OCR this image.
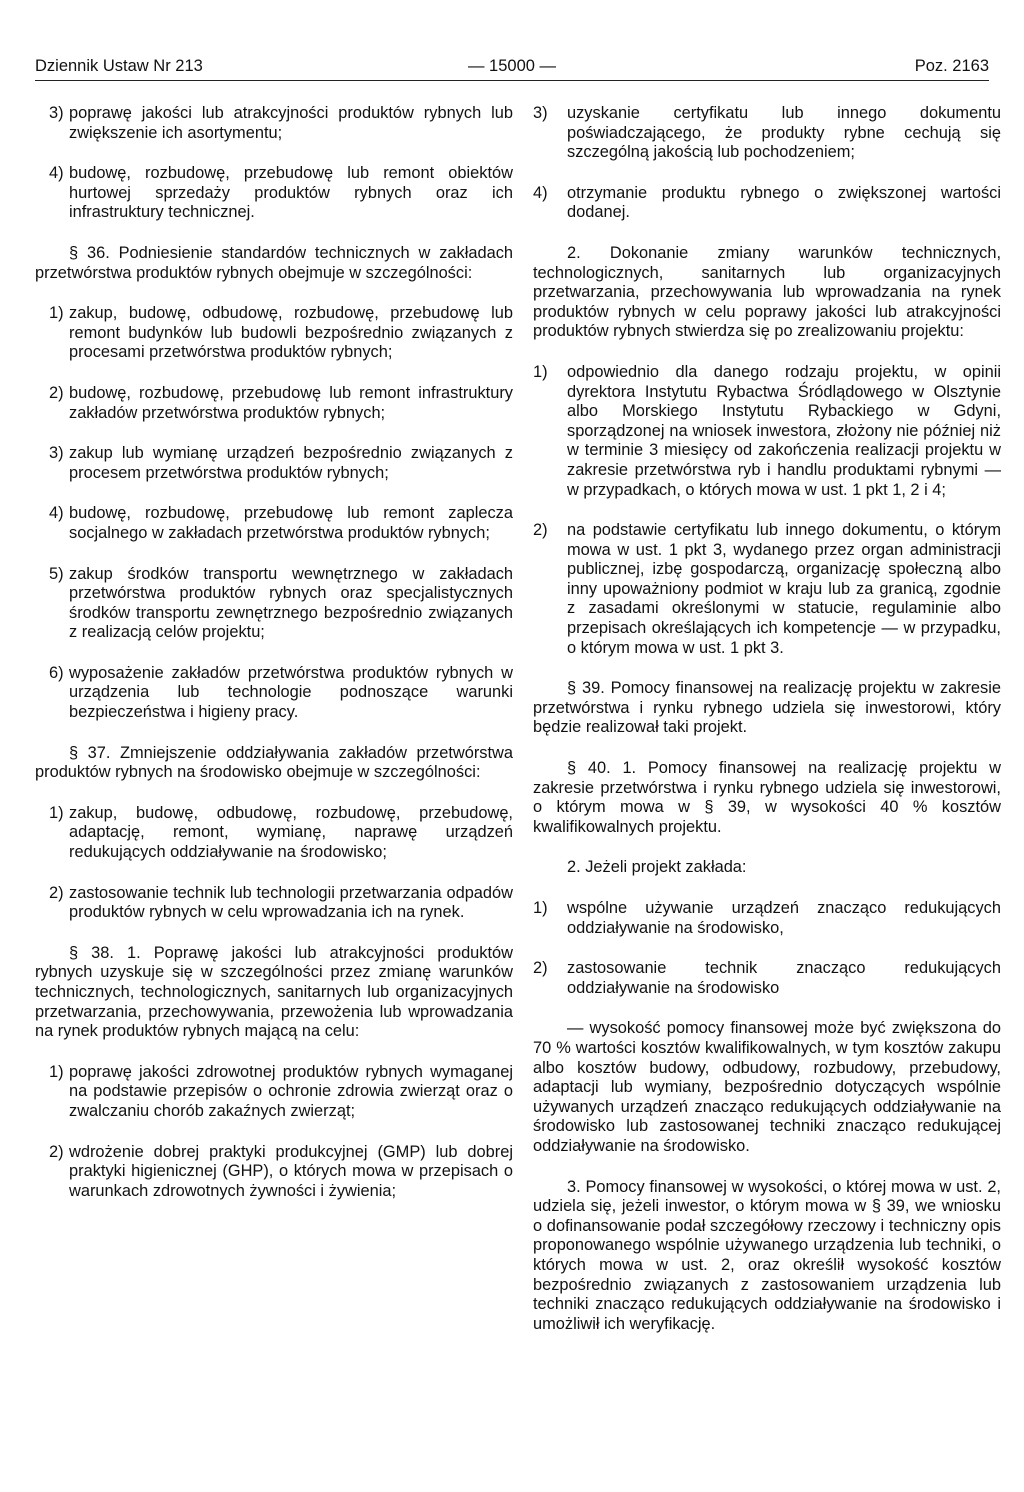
Dziennik Ustaw Nr 213	— 15000 —	Poz. 2163
3) poprawę jakości lub atrakcyjności produktów rybnych lub zwiększenie ich asortymentu;
4) budowę, rozbudowę, przebudowę lub remont obiektów hurtowej sprzedaży produktów rybnych oraz ich infrastruktury technicznej.

§ 36. Podniesienie standardów technicznych w zakładach przetwórstwa produktów rybnych obejmuje w szczególności:

1) zakup, budowę, odbudowę, rozbudowę, przebudowę lub remont budynków lub budowli bezpośrednio związanych z procesami przetwórstwa produktów rybnych;
2) budowę, rozbudowę, przebudowę lub remont infrastruktury zakładów przetwórstwa produktów rybnych;
3) zakup lub wymianę urządzeń bezpośrednio związanych z procesem przetwórstwa produktów rybnych;
4) budowę, rozbudowę, przebudowę lub remont zaplecza socjalnego w zakładach przetwórstwa produktów rybnych;
5) zakup środków transportu wewnętrznego w zakładach przetwórstwa produktów rybnych oraz specjalistycznych środków transportu zewnętrznego bezpośrednio związanych z realizacją celów projektu;
6) wyposażenie zakładów przetwórstwa produktów rybnych w urządzenia lub technologie podnoszące warunki bezpieczeństwa i higieny pracy.

§ 37. Zmniejszenie oddziaływania zakładów przetwórstwa produktów rybnych na środowisko obejmuje w szczególności:

1) zakup, budowę, odbudowę, rozbudowę, przebudowę, adaptację, remont, wymianę, naprawę urządzeń redukujących oddziaływanie na środowisko;
2) zastosowanie technik lub technologii przetwarzania odpadów produktów rybnych w celu wprowadzania ich na rynek.

§ 38. 1. Poprawę jakości lub atrakcyjności produktów rybnych uzyskuje się w szczególności przez zmianę warunków technicznych, technologicznych, sanitarnych lub organizacyjnych przetwarzania, przechowywania, przewożenia lub wprowadzania na rynek produktów rybnych mającą na celu:

1) poprawę jakości zdrowotnej produktów rybnych wymaganej na podstawie przepisów o ochronie zdrowia zwierząt oraz o zwalczaniu chorób zakaźnych zwierząt;
2) wdrożenie dobrej praktyki produkcyjnej (GMP) lub dobrej praktyki higienicznej (GHP), o których mowa w przepisach o warunkach zdrowotnych żywności i żywienia;
3) uzyskanie certyfikatu lub innego dokumentu poświadczającego, że produkty rybne cechują się szczególną jakością lub pochodzeniem;
4) otrzymanie produktu rybnego o zwiększonej wartości dodanej.

2. Dokonanie zmiany warunków technicznych, technologicznych, sanitarnych lub organizacyjnych przetwarzania, przechowywania lub wprowadzania na rynek produktów rybnych w celu poprawy jakości lub atrakcyjności produktów rybnych stwierdza się po zrealizowaniu projektu:

1) odpowiednio dla danego rodzaju projektu, w opinii dyrektora Instytutu Rybactwa Śródlądowego w Olsztynie albo Morskiego Instytutu Rybackiego w Gdyni, sporządzonej na wniosek inwestora, złożony nie później niż w terminie 3 miesięcy od zakończenia realizacji projektu w zakresie przetwórstwa ryb i handlu produktami rybnymi — w przypadkach, o których mowa w ust. 1 pkt 1, 2 i 4;
2) na podstawie certyfikatu lub innego dokumentu, o którym mowa w ust. 1 pkt 3, wydanego przez organ administracji publicznej, izbę gospodarczą, organizację społeczną albo inny upoważniony podmiot w kraju lub za granicą, zgodnie z zasadami określonymi w statucie, regulaminie albo przepisach określających ich kompetencje — w przypadku, o którym mowa w ust. 1 pkt 3.

§ 39. Pomocy finansowej na realizację projektu w zakresie przetwórstwa i rynku rybnego udziela się inwestorowi, który będzie realizował taki projekt.

§ 40. 1. Pomocy finansowej na realizację projektu w zakresie przetwórstwa i rynku rybnego udziela się inwestorowi, o którym mowa w § 39, w wysokości 40 % kosztów kwalifikowalnych projektu.

2. Jeżeli projekt zakłada:

1) wspólne używanie urządzeń znacząco redukujących oddziaływanie na środowisko,
2) zastosowanie technik znacząco redukujących oddziaływanie na środowisko

— wysokość pomocy finansowej może być zwiększona do 70 % wartości kosztów kwalifikowalnych, w tym kosztów zakupu albo kosztów budowy, odbudowy, rozbudowy, przebudowy, adaptacji lub wymiany, bezpośrednio dotyczących wspólnie używanych urządzeń znacząco redukujących oddziaływanie na środowisko lub zastosowanej techniki znacząco redukującej oddziaływanie na środowisko.

3. Pomocy finansowej w wysokości, o której mowa w ust. 2, udziela się, jeżeli inwestor, o którym mowa w § 39, we wniosku o dofinansowanie podał szczegółowy rzeczowy i techniczny opis proponowanego wspólnie używanego urządzenia lub techniki, o których mowa w ust. 2, oraz określił wysokość kosztów bezpośrednio związanych z zastosowaniem urządzenia lub techniki znacząco redukujących oddziaływanie na środowisko i umożliwił ich weryfikację.
